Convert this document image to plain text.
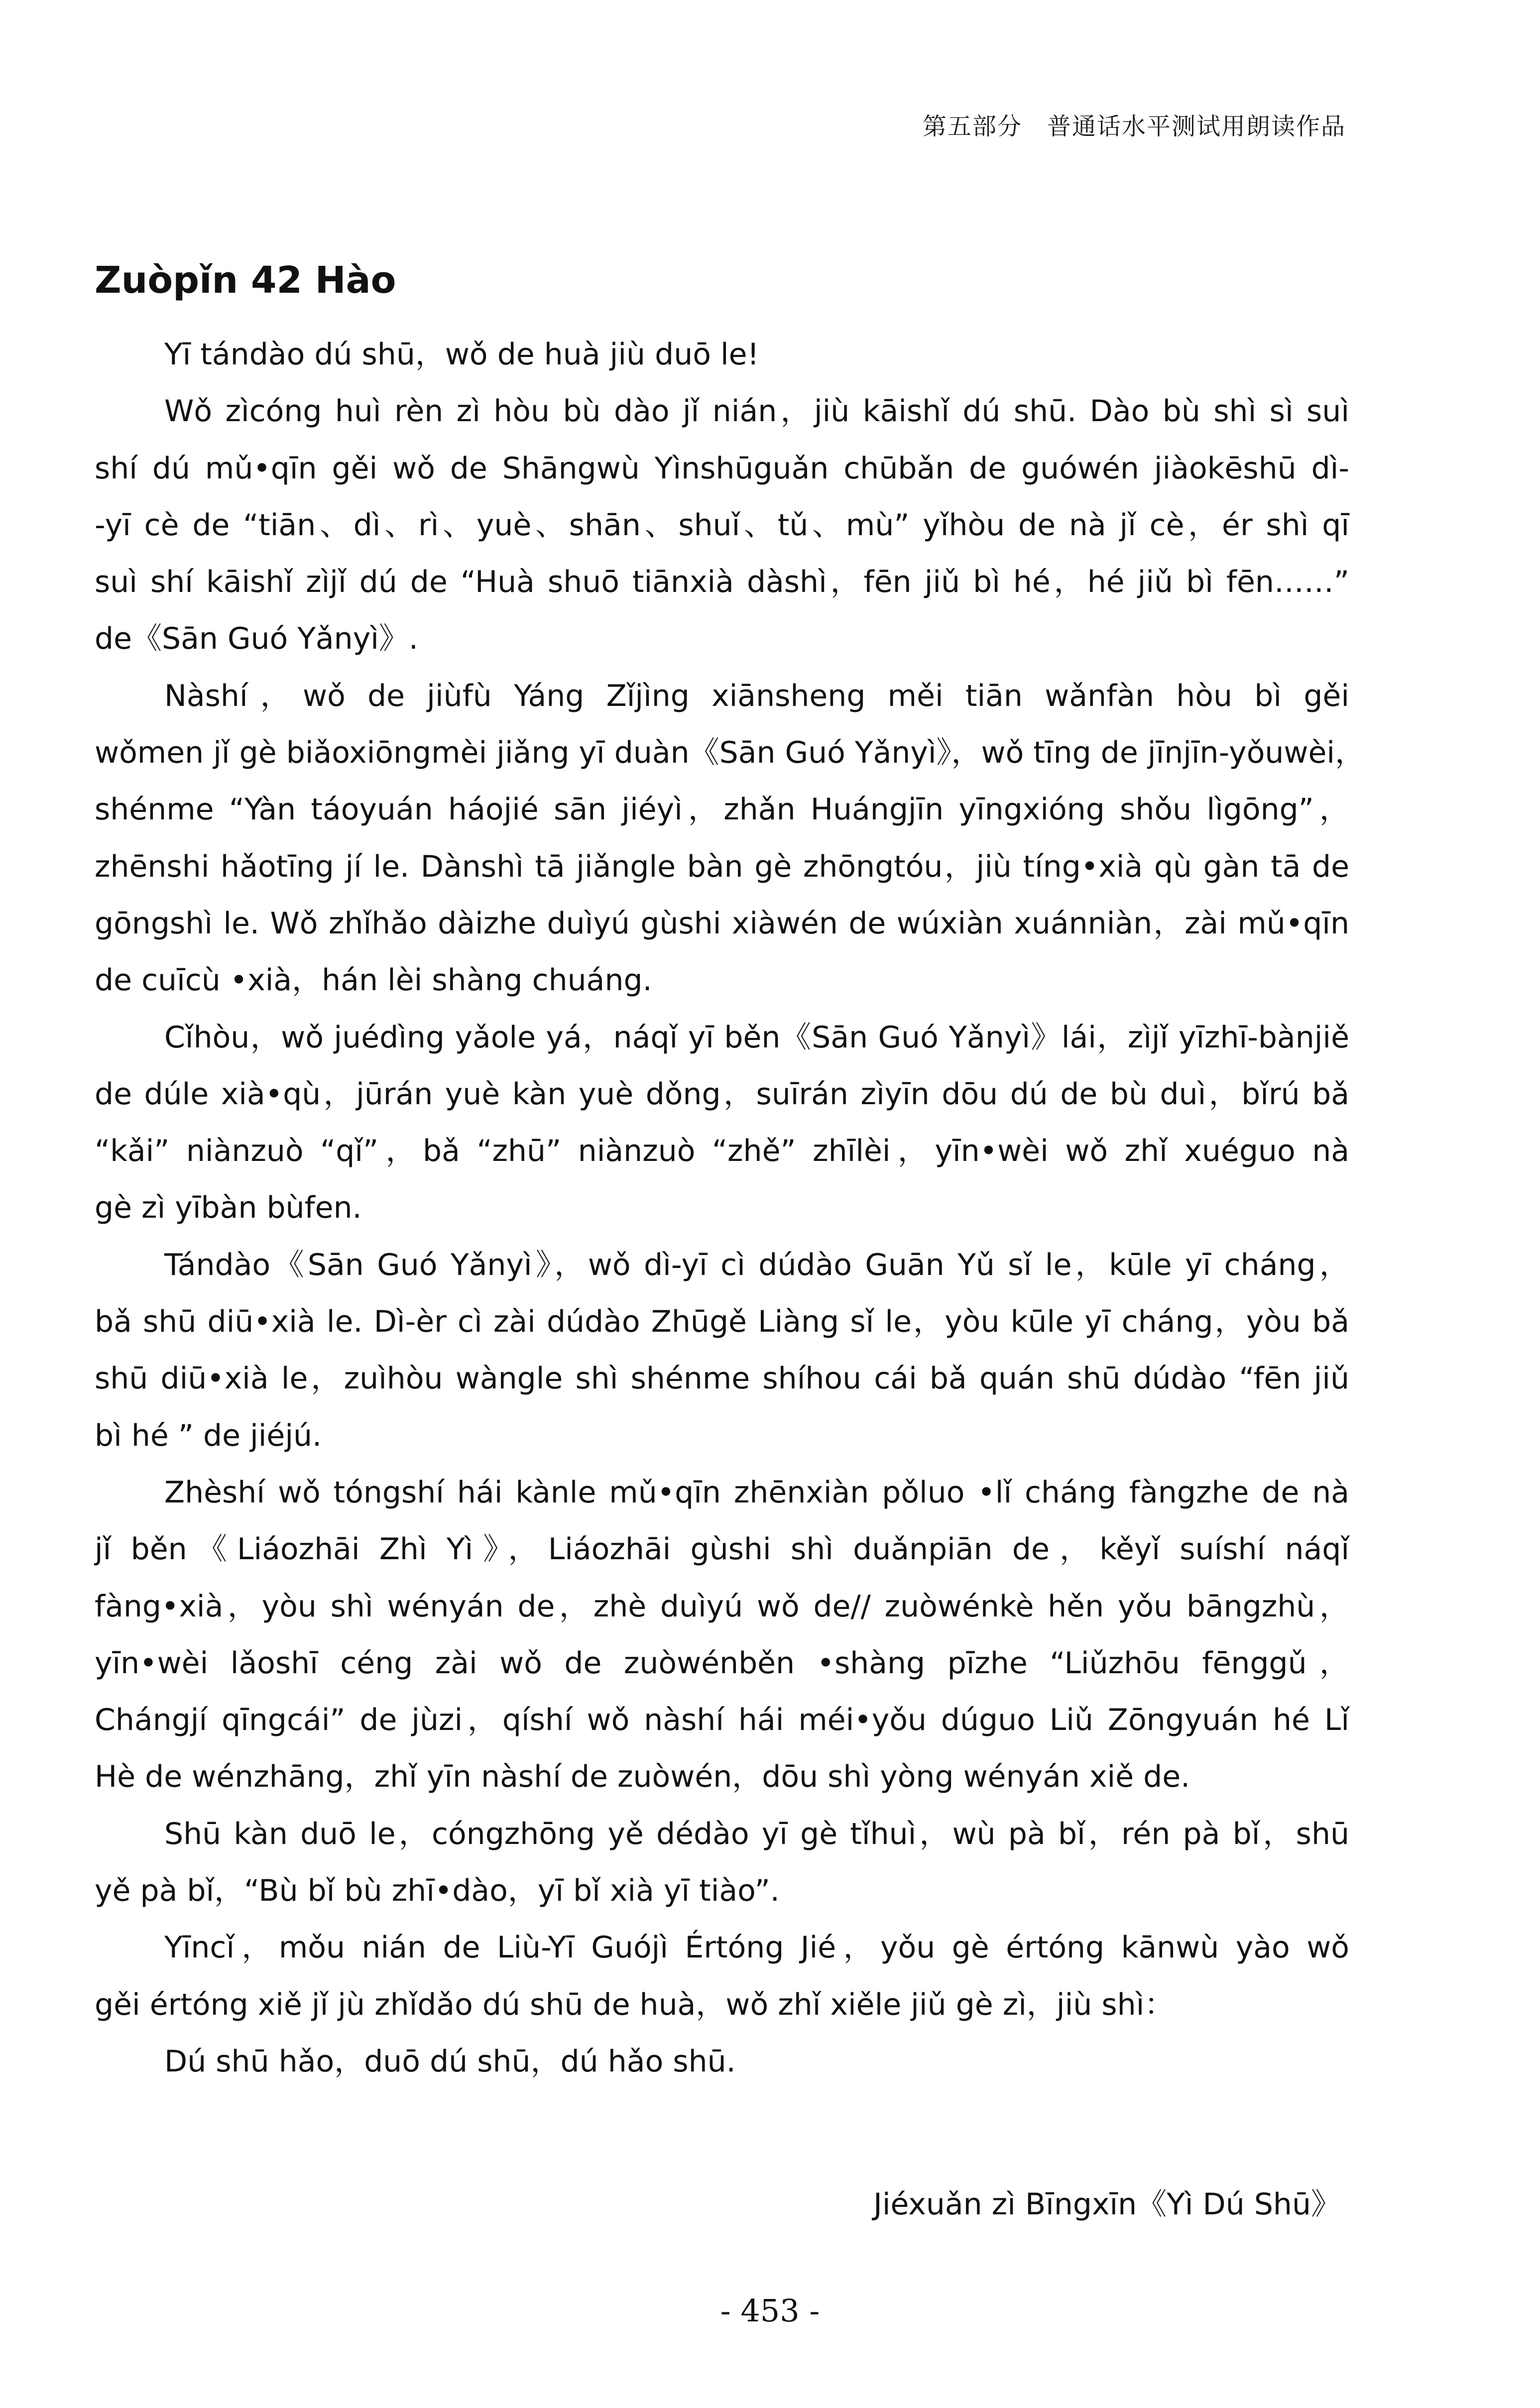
第五部分　普通话水平测试用朗读作品
Zuòpǐn 42 Hào
Yī tándào dú shū，wǒ de huà jiù duō le!
Wǒ zìcóng huì rèn zì hòu bù dào jǐ nián，jiù kāishǐ dú shū. Dào bù shì sì suì
shí dú mǔ•qīn gěi wǒ de Shāngwù Yìnshūguǎn chūbǎn de guówén jiàokēshū dì-
-yī cè de “tiān、dì、rì、yuè、shān、shuǐ、tǔ、mù” yǐhòu de nà jǐ cè，ér shì qī
suì shí kāishǐ zìjǐ dú de “Huà shuō tiānxià dàshì，fēn jiǔ bì hé，hé jiǔ bì fēn……”
de《Sān Guó Yǎnyì》.
Nàshí，wǒ de jiùfù Yáng Zǐjìng xiānsheng měi tiān wǎnfàn hòu bì gěi
wǒmen jǐ gè biǎoxiōngmèi jiǎng yī duàn《Sān Guó Yǎnyì》，wǒ tīng de jīnjīn-yǒuwèi，
shénme “Yàn táoyuán háojié sān jiéyì，zhǎn Huángjīn yīngxióng shǒu lìgōng”，
zhēnshi hǎotīng jí le. Dànshì tā jiǎngle bàn gè zhōngtóu，jiù tíng•xià qù gàn tā de
gōngshì le. Wǒ zhǐhǎo dàizhe duìyú gùshi xiàwén de wúxiàn xuánniàn，zài mǔ•qīn
de cuīcù •xià，hán lèi shàng chuáng.
Cǐhòu，wǒ juédìng yǎole yá，náqǐ yī běn《Sān Guó Yǎnyì》lái，zìjǐ yīzhī-bànjiě
de dúle xià•qù，jūrán yuè kàn yuè dǒng，suīrán zìyīn dōu dú de bù duì，bǐrú bǎ
“kǎi” niànzuò “qǐ”，bǎ “zhū” niànzuò “zhě” zhīlèi，yīn•wèi wǒ zhǐ xuéguo nà
gè zì yībàn bùfen.
Tándào《Sān Guó Yǎnyì》，wǒ dì-yī cì dúdào Guān Yǔ sǐ le，kūle yī cháng，
bǎ shū diū•xià le. Dì-èr cì zài dúdào Zhūgě Liàng sǐ le，yòu kūle yī cháng，yòu bǎ
shū diū•xià le，zuìhòu wàngle shì shénme shíhou cái bǎ quán shū dúdào “fēn jiǔ
bì hé ” de jiéjú.
Zhèshí wǒ tóngshí hái kànle mǔ•qīn zhēnxiàn pǒluo •lǐ cháng fàngzhe de nà
jǐ běn《Liáozhāi Zhì Yì》，Liáozhāi gùshi shì duǎnpiān de，kěyǐ suíshí náqǐ
fàng•xià，yòu shì wényán de，zhè duìyú wǒ de// zuòwénkè hěn yǒu bāngzhù，
yīn•wèi lǎoshī céng zài wǒ de zuòwénběn •shàng pīzhe “Liǔzhōu fēnggǔ，
Chángjí qīngcái” de jùzi，qíshí wǒ nàshí hái méi•yǒu dúguo Liǔ Zōngyuán hé Lǐ
Hè de wénzhāng，zhǐ yīn nàshí de zuòwén，dōu shì yòng wényán xiě de.
Shū kàn duō le，cóngzhōng yě dédào yī gè tǐhuì，wù pà bǐ，rén pà bǐ，shū
yě pà bǐ，“Bù bǐ bù zhī•dào，yī bǐ xià yī tiào”.
Yīncǐ，mǒu nián de Liù-Yī Guójì Értóng Jié，yǒu gè értóng kānwù yào wǒ
gěi értóng xiě jǐ jù zhǐdǎo dú shū de huà，wǒ zhǐ xiěle jiǔ gè zì，jiù shì：
Dú shū hǎo，duō dú shū，dú hǎo shū.
Jiéxuǎn zì Bīngxīn《Yì Dú Shū》
- 453 -
